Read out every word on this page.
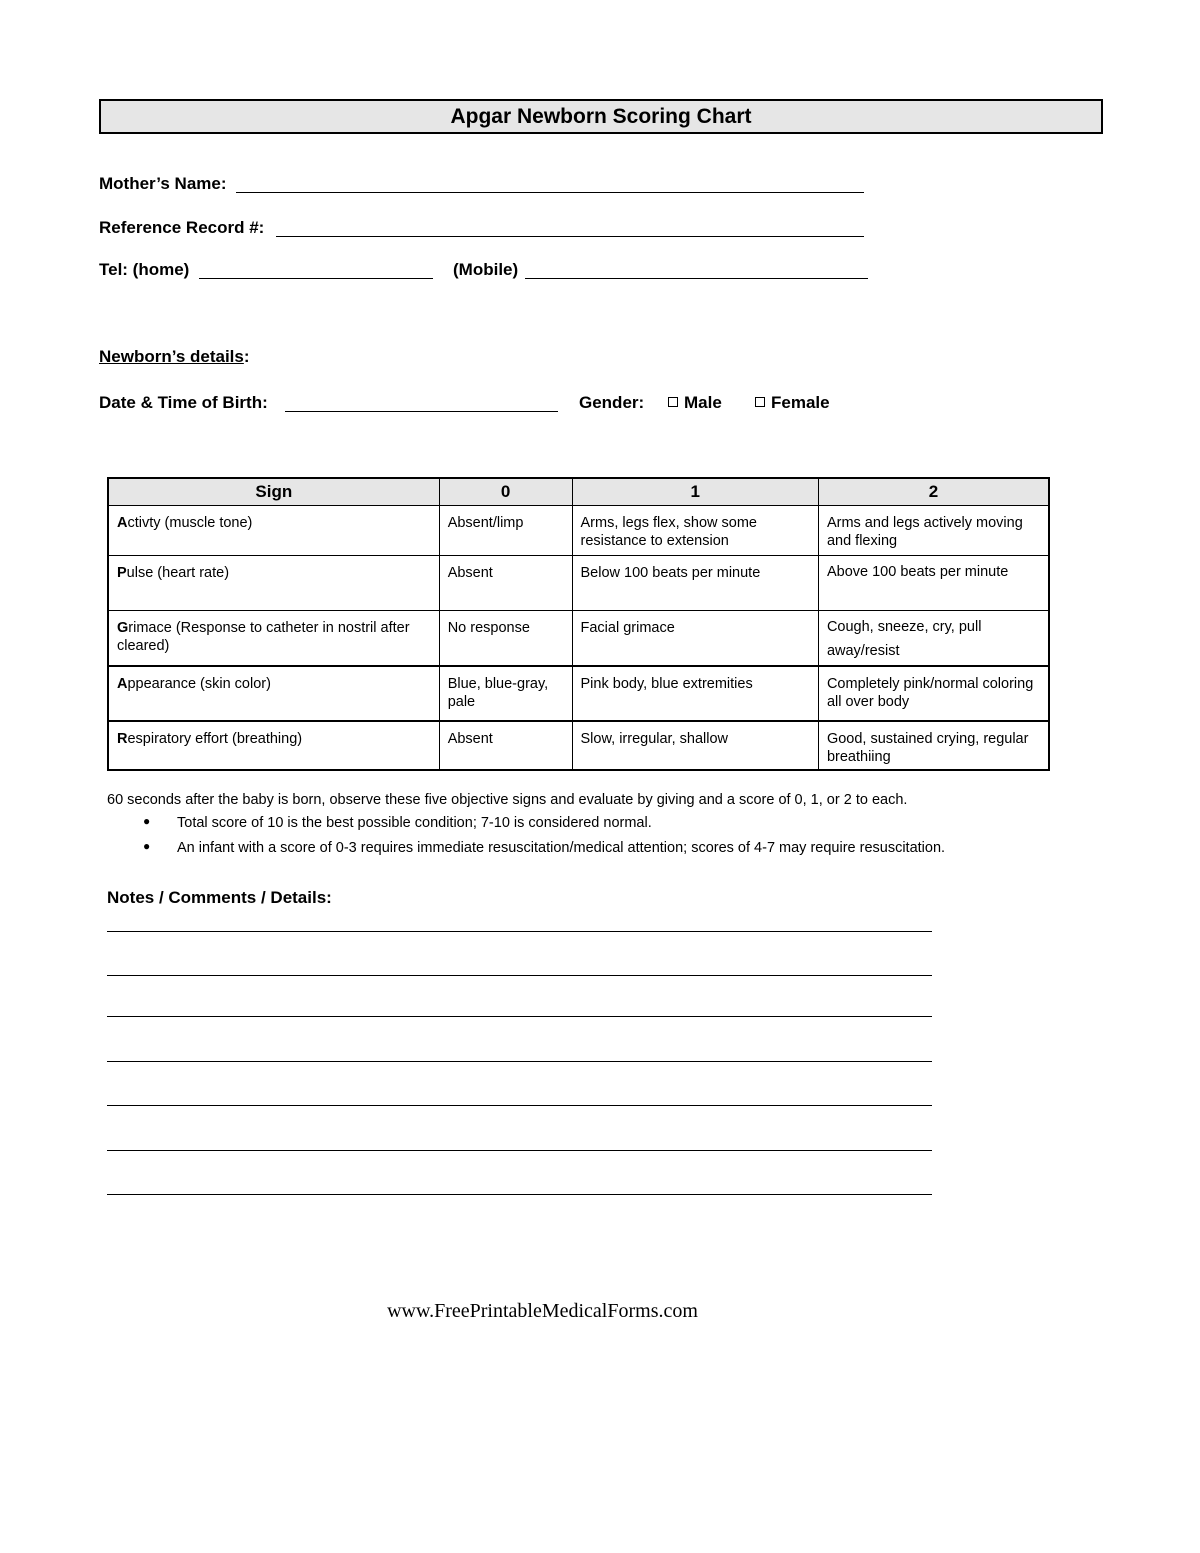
Apgar Newborn Scoring Chart
Mother’s Name:
Reference Record #:
Tel: (home)	(Mobile)
Newborn’s details:
Date & Time of Birth:	Gender:	Male	Female
Sign	0	1	2
Activty (muscle tone)	Absent/limp	Arms, legs flex, show some resistance to extension	Arms and legs actively moving and flexing
Pulse (heart rate)	Absent	Below 100 beats per minute	Above 100 beats per minute
Grimace (Response to catheter in nostril after cleared)	No response	Facial grimace	Cough, sneeze, cry, pull away/resist
Appearance (skin color)	Blue, blue-gray, pale	Pink body, blue extremities	Completely pink/normal coloring all over body
Respiratory effort (breathing)	Absent	Slow, irregular, shallow	Good, sustained crying, regular breathiing
60 seconds after the baby is born, observe these five objective signs and evaluate by giving and a score of 0, 1, or 2 to each.
● Total score of 10 is the best possible condition; 7-10 is considered normal.
● An infant with a score of 0-3 requires immediate resuscitation/medical attention; scores of 4-7 may require resuscitation.
Notes / Comments / Details:
www.FreePrintableMedicalForms.com
